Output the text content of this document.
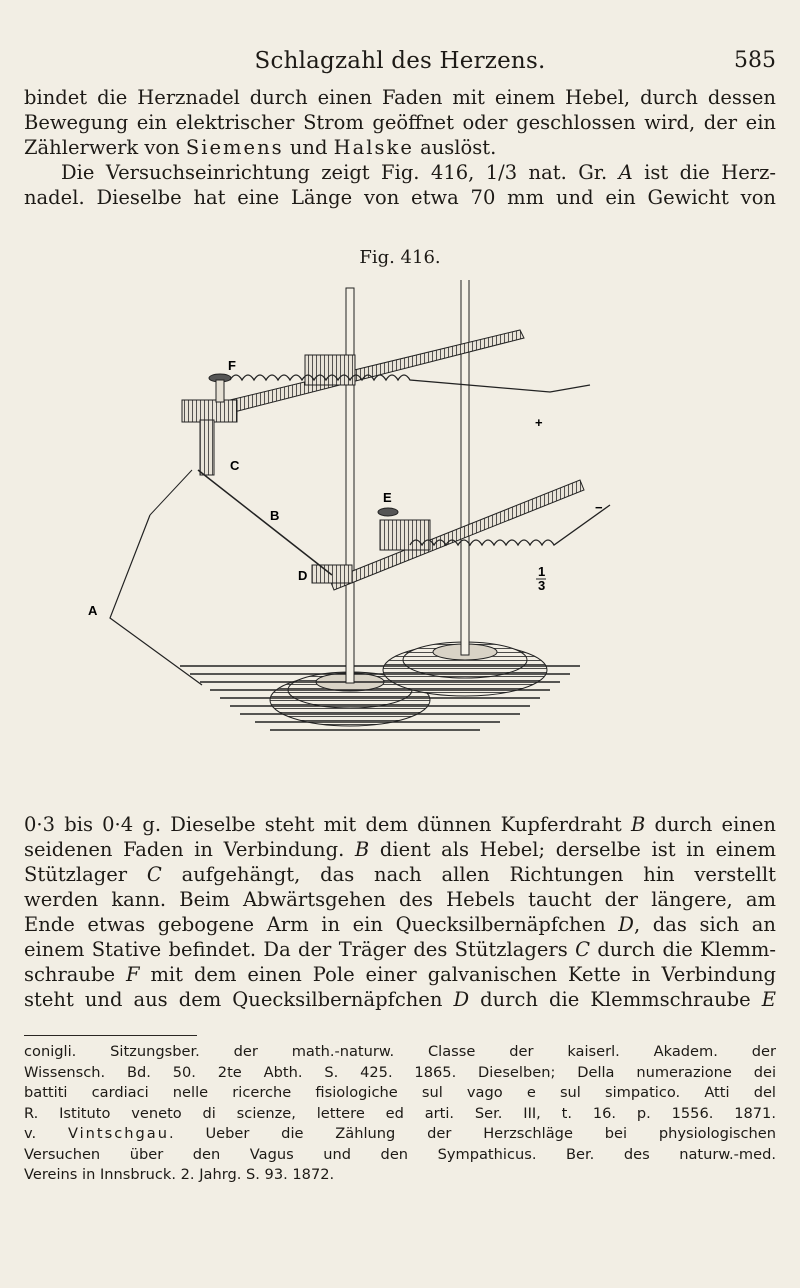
Schlagzahl des Herzens.	585
bindet die Herznadel durch einen Faden mit einem Hebel, durch dessen
Bewegung ein elektrischer Strom geöffnet oder geschlossen wird, der ein
Zählerwerk von Siemens und Halske auslöst.
Die Versuchseinrichtung zeigt Fig. 416, 1/3 nat. Gr. A ist die Herz-
nadel. Dieselbe hat eine Länge von etwa 70 mm und ein Gewicht von
Fig. 416.
F
C
B
E
D
A
+
−
1
3
0·3 bis 0·4 g. Dieselbe steht mit dem dünnen Kupferdraht B durch einen
seidenen Faden in Verbindung. B dient als Hebel; derselbe ist in einem
Stützlager C aufgehängt, das nach allen Richtungen hin verstellt
werden kann. Beim Abwärtsgehen des Hebels taucht der längere, am
Ende etwas gebogene Arm in ein Quecksilbernäpfchen D, das sich an
einem Stative befindet. Da der Träger des Stützlagers C durch die Klemm-
schraube F mit dem einen Pole einer galvanischen Kette in Verbindung
steht und aus dem Quecksilbernäpfchen D durch die Klemmschraube E
conigli. Sitzungsber. der math.-naturw. Classe der kaiserl. Akadem. der
Wissensch. Bd. 50. 2te Abth. S. 425. 1865. Dieselben; Della numerazione dei
battiti cardiaci nelle ricerche fisiologiche sul vago e sul simpatico. Atti del
R. Istituto veneto di scienze, lettere ed arti. Ser. III, t. 16. p. 1556. 1871.
v. Vintschgau. Ueber die Zählung der Herzschläge bei physiologischen
Versuchen über den Vagus und den Sympathicus. Ber. des naturw.-med.
Vereins in Innsbruck. 2. Jahrg. S. 93. 1872.
